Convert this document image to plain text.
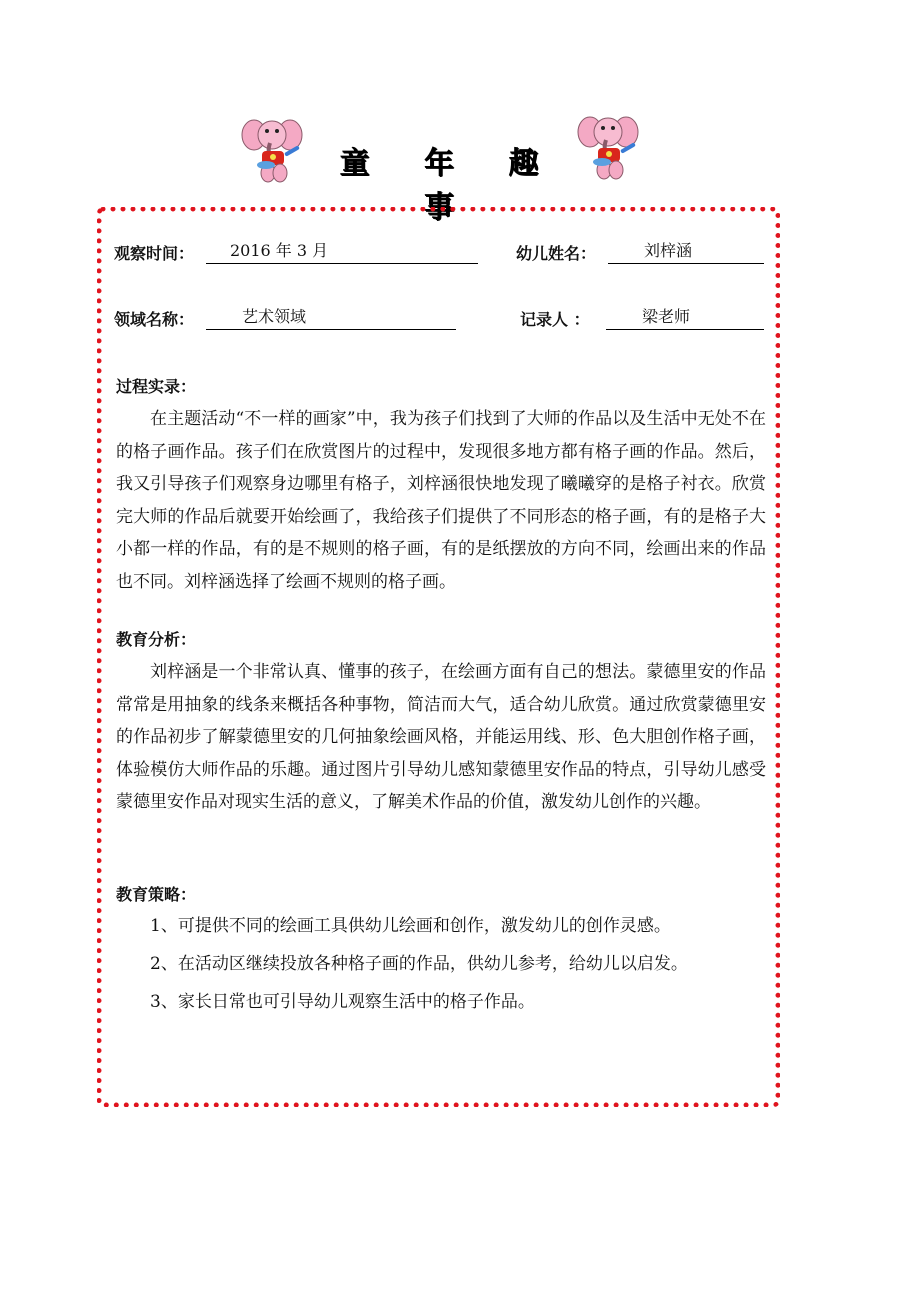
童 年 趣 事
观察时间：	2016 年 3 月	幼儿姓名：	刘梓涵
领域名称：	艺术领域	记录人 ：	梁老师
过程实录：

在主题活动“不一样的画家”中，我为孩子们找到了大师的作品以及生活中无处不在的格子画作品。孩子们在欣赏图片的过程中，发现很多地方都有格子画的作品。然后，我又引导孩子们观察身边哪里有格子，刘梓涵很快地发现了曦曦穿的是格子衬衣。欣赏完大师的作品后就要开始绘画了，我给孩子们提供了不同形态的格子画，有的是格子大小都一样的作品，有的是不规则的格子画，有的是纸摆放的方向不同，绘画出来的作品也不同。刘梓涵选择了绘画不规则的格子画。

教育分析：

刘梓涵是一个非常认真、懂事的孩子，在绘画方面有自己的想法。蒙德里安的作品常常是用抽象的线条来概括各种事物，简洁而大气，适合幼儿欣赏。通过欣赏蒙德里安的作品初步了解蒙德里安的几何抽象绘画风格，并能运用线、形、色大胆创作格子画，体验模仿大师作品的乐趣。通过图片引导幼儿感知蒙德里安作品的特点，引导幼儿感受蒙德里安作品对现实生活的意义，了解美术作品的价值，激发幼儿创作的兴趣。

教育策略：
1、可提供不同的绘画工具供幼儿绘画和创作，激发幼儿的创作灵感。
2、在活动区继续投放各种格子画的作品，供幼儿参考，给幼儿以启发。
3、家长日常也可引导幼儿观察生活中的格子作品。
